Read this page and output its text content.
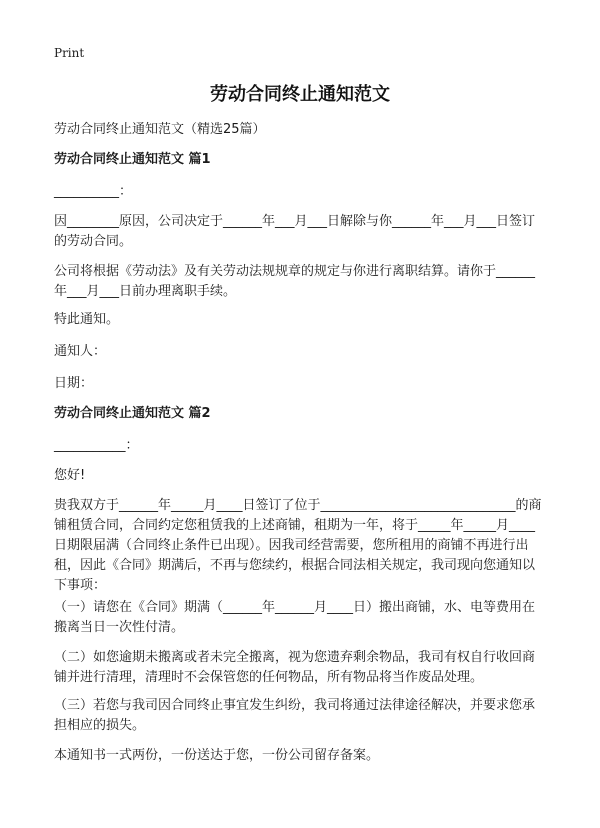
Print
劳动合同终止通知范文
劳动合同终止通知范文（精选25篇）
劳动合同终止通知范文 篇1
__________：
因________原因，公司决定于______年___月___日解除与你______年___月___日签订的劳动合同。
公司将根据《劳动法》及有关劳动法规规章的规定与你进行离职结算。请你于______年___月___日前办理离职手续。
特此通知。
通知人：
日期：
劳动合同终止通知范文 篇2
___________：
您好!
贵我双方于______年_____月____日签订了位于______________________________的商铺租赁合同，合同约定您租赁我的上述商铺，租期为一年，将于_____年_____月____日期限届满（合同终止条件已出现）。因我司经营需要，您所租用的商铺不再进行出租，因此《合同》期满后，不再与您续约，根据合同法相关规定，我司现向您通知以下事项：
（一）请您在《合同》期满（______年______月____日）搬出商铺，水、电等费用在搬离当日一次性付清。
（二）如您逾期未搬离或者未完全搬离，视为您遗弃剩余物品，我司有权自行收回商铺并进行清理，清理时不会保管您的任何物品，所有物品将当作废品处理。
（三）若您与我司因合同终止事宜发生纠纷，我司将通过法律途径解决，并要求您承担相应的损失。
本通知书一式两份，一份送达于您，一份公司留存备案。
